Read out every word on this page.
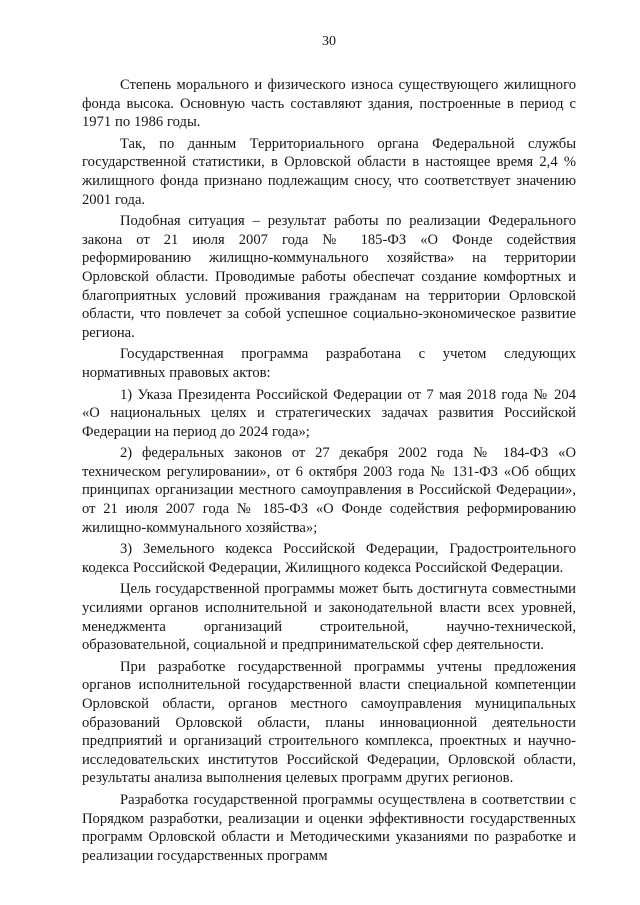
30

Степень морального и физического износа существующего жилищного фонда высока. Основную часть составляют здания, построенные в период с 1971 по 1986 годы.

Так, по данным Территориального органа Федеральной службы государственной статистики, в Орловской области в настоящее время 2,4 % жилищного фонда признано подлежащим сносу, что соответствует значению 2001 года.

Подобная ситуация – результат работы по реализации Федерального закона от 21 июля 2007 года № 185-ФЗ «О Фонде содействия реформированию жилищно-коммунального хозяйства» на территории Орловской области. Проводимые работы обеспечат создание комфортных и благоприятных условий проживания гражданам на территории Орловской области, что повлечет за собой успешное социально-экономическое развитие региона.

Государственная программа разработана с учетом следующих нормативных правовых актов:

1) Указа Президента Российской Федерации от 7 мая 2018 года № 204 «О национальных целях и стратегических задачах развития Российской Федерации на период до 2024 года»;

2) федеральных законов от 27 декабря 2002 года № 184-ФЗ «О техническом регулировании», от 6 октября 2003 года № 131-ФЗ «Об общих принципах организации местного самоуправления в Российской Федерации», от 21 июля 2007 года № 185-ФЗ «О Фонде содействия реформированию жилищно-коммунального хозяйства»;

3) Земельного кодекса Российской Федерации, Градостроительного кодекса Российской Федерации, Жилищного кодекса Российской Федерации.

Цель государственной программы может быть достигнута совместными усилиями органов исполнительной и законодательной власти всех уровней, менеджмента организаций строительной, научно-технической, образовательной, социальной и предпринимательской сфер деятельности.

При разработке государственной программы учтены предложения органов исполнительной государственной власти специальной компетенции Орловской области, органов местного самоуправления муниципальных образований Орловской области, планы инновационной деятельности предприятий и организаций строительного комплекса, проектных и научно-исследовательских институтов Российской Федерации, Орловской области, результаты анализа выполнения целевых программ других регионов.

Разработка государственной программы осуществлена в соответствии с Порядком разработки, реализации и оценки эффективности государственных программ Орловской области и Методическими указаниями по разработке и реализации государственных программ
